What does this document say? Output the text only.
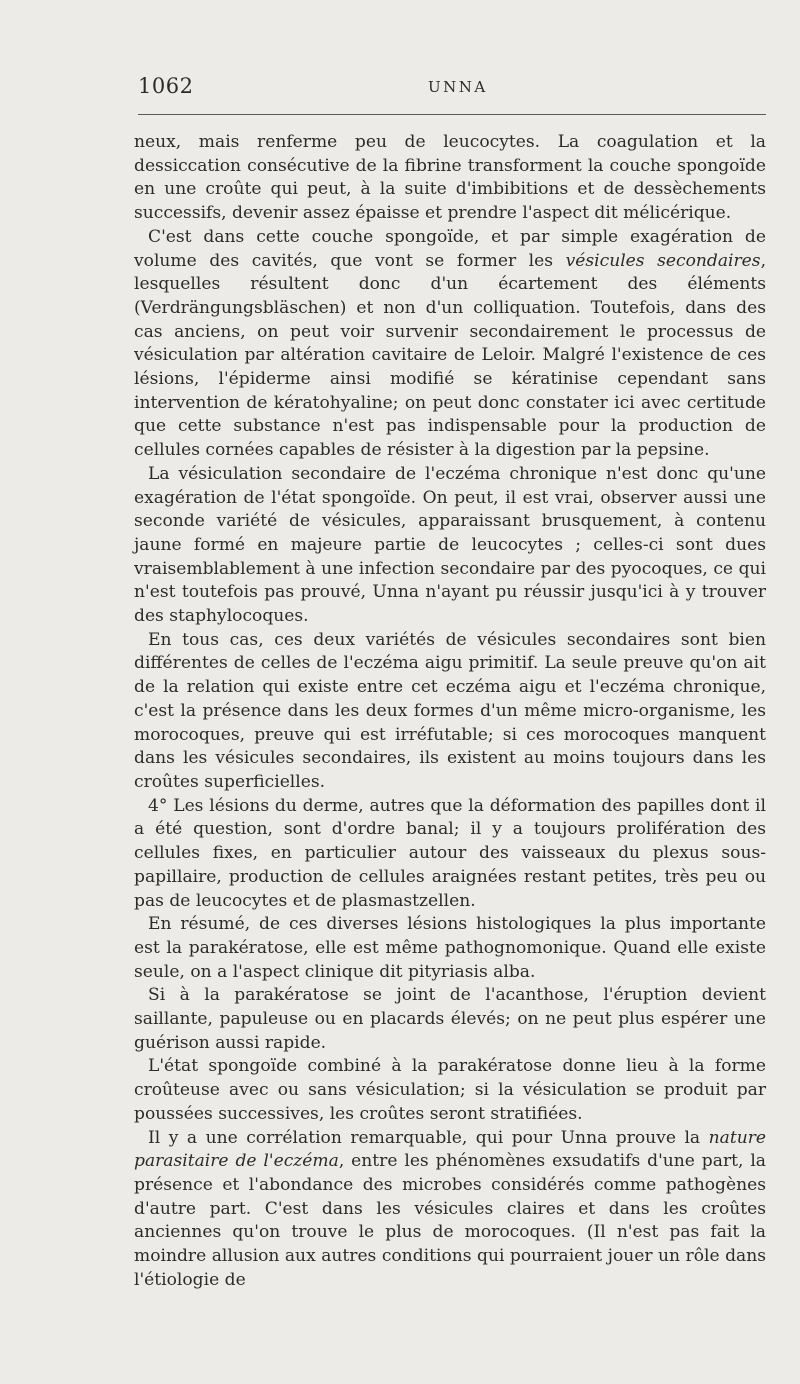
1062	UNNA

neux, mais renferme peu de leucocytes. La coagulation et la dessiccation consécutive de la fibrine transforment la couche spongoïde en une croûte qui peut, à la suite d'imbibitions et de dessèchements successifs, devenir assez épaisse et prendre l'aspect dit mélicérique.

C'est dans cette couche spongoïde, et par simple exagération de volume des cavités, que vont se former les vésicules secondaires, lesquelles résultent donc d'un écartement des éléments (Verdrängungsbläschen) et non d'un colliquation. Toutefois, dans des cas anciens, on peut voir survenir secondairement le processus de vésiculation par altération cavitaire de Leloir. Malgré l'existence de ces lésions, l'épiderme ainsi modifié se kératinise cependant sans intervention de kératohyaline; on peut donc constater ici avec certitude que cette substance n'est pas indispensable pour la production de cellules cornées capables de résister à la digestion par la pepsine.

La vésiculation secondaire de l'eczéma chronique n'est donc qu'une exagération de l'état spongoïde. On peut, il est vrai, observer aussi une seconde variété de vésicules, apparaissant brusquement, à contenu jaune formé en majeure partie de leucocytes ; celles-ci sont dues vraisemblablement à une infection secondaire par des pyocoques, ce qui n'est toutefois pas prouvé, Unna n'ayant pu réussir jusqu'ici à y trouver des staphylocoques.

En tous cas, ces deux variétés de vésicules secondaires sont bien différentes de celles de l'eczéma aigu primitif. La seule preuve qu'on ait de la relation qui existe entre cet eczéma aigu et l'eczéma chronique, c'est la présence dans les deux formes d'un même micro-organisme, les morocoques, preuve qui est irréfutable; si ces morocoques manquent dans les vésicules secondaires, ils existent au moins toujours dans les croûtes superficielles.

4° Les lésions du derme, autres que la déformation des papilles dont il a été question, sont d'ordre banal; il y a toujours prolifération des cellules fixes, en particulier autour des vaisseaux du plexus sous-papillaire, production de cellules araignées restant petites, très peu ou pas de leucocytes et de plasmastzellen.

En résumé, de ces diverses lésions histologiques la plus importante est la parakératose, elle est même pathognomonique. Quand elle existe seule, on a l'aspect clinique dit pityriasis alba.

Si à la parakératose se joint de l'acanthose, l'éruption devient saillante, papuleuse ou en placards élevés; on ne peut plus espérer une guérison aussi rapide.

L'état spongoïde combiné à la parakératose donne lieu à la forme croûteuse avec ou sans vésiculation; si la vésiculation se produit par poussées successives, les croûtes seront stratifiées.

Il y a une corrélation remarquable, qui pour Unna prouve la nature parasitaire de l'eczéma, entre les phénomènes exsudatifs d'une part, la présence et l'abondance des microbes considérés comme pathogènes d'autre part. C'est dans les vésicules claires et dans les croûtes anciennes qu'on trouve le plus de morocoques. (Il n'est pas fait la moindre allusion aux autres conditions qui pourraient jouer un rôle dans l'étiologie de
